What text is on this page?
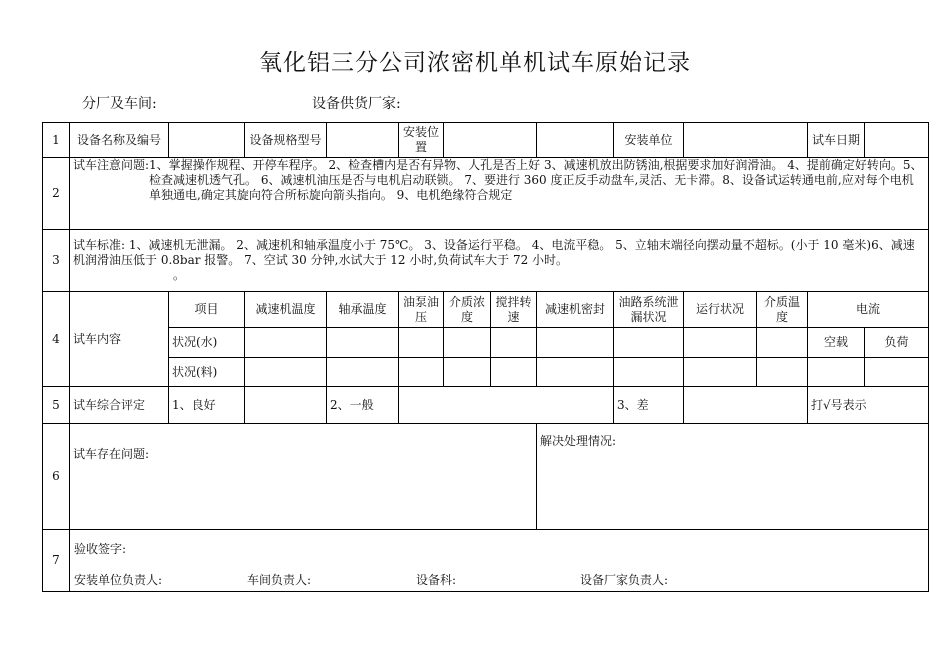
氧化铝三分公司浓密机单机试车原始记录
分厂及车间:	设备供货厂家:
1	设备名称及编号		设备规格型号		安装位置				安装单位			试车日期	
2	试车注意问题: 1、掌握操作规程、开停车程序。 2、检查槽内是否有异物、人孔是否上好 3、减速机放出防锈油,根据要求加好润滑油。 4、提前确定好转向。5、检查减速机透气孔。 6、减速机油压是否与电机启动联锁。 7、要进行 360 度正反手动盘车,灵活、无卡滞。8、设备试运转通电前,应对每个电机单独通电,确定其旋向符合所标旋向箭头指向。 9、电机绝缘符合规定												

3	试车标准: 1、减速机无泄漏。 2、减速机和轴承温度小于 75℃。 3、设备运行平稳。 4、电流平稳。 5、立轴末端径向摆动量不超标。(小于 10 毫米)6、减速机润滑油压低于 0.8bar 报警。 7、空试 30 分钟,水试大于 12 小时,负荷试车大于 72 小时。
。												

4	试车内容	项目	减速机温度	轴承温度	油泵油压	介质浓度	搅拌转速	减速机密封	油路系统泄漏状况	运行状况	介质温度	电流	
		状况(水)										空载	负荷
		状况(料)											
5	试车综合评定	1、良好		2、一般					3、差			打√号表示	
6	试车存在问题:							解决处理情况:					
7	验收签字:
安装单位负责人: 车间负责人: 设备科: 设备厂家负责人:												
